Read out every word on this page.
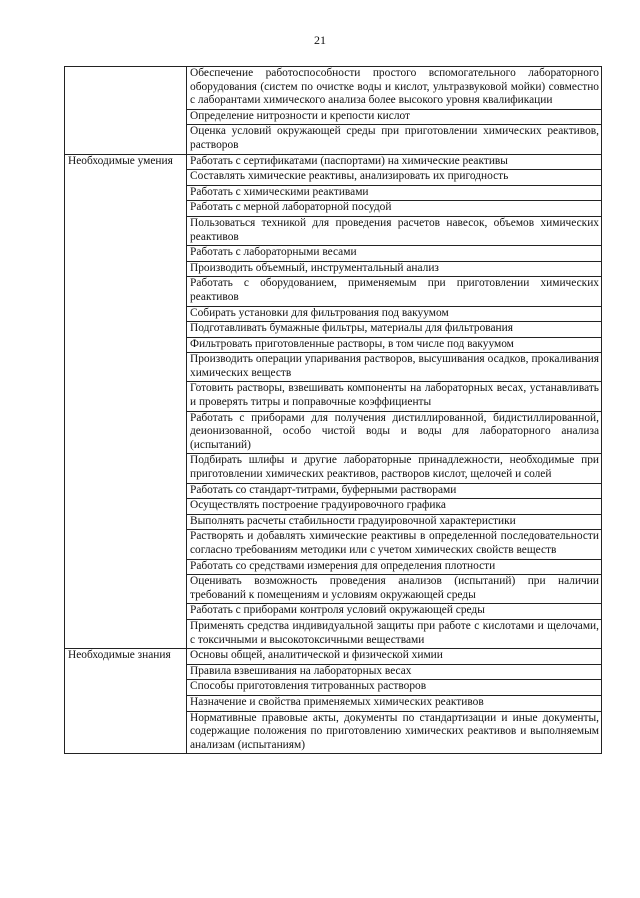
21
	Обеспечение работоспособности простого вспомогательного лабораторного оборудования (систем по очистке воды и кислот, ультразвуковой мойки) совместно с лаборантами химического анализа более высокого уровня квалификации
	Определение нитрозности и крепости кислот
	Оценка условий окружающей среды при приготовлении химических реактивов, растворов
Необходимые умения	Работать с сертификатами (паспортами) на химические реактивы
	Составлять химические реактивы, анализировать их пригодность
	Работать с химическими реактивами
	Работать с мерной лабораторной посудой
	Пользоваться техникой для проведения расчетов навесок, объемов химических реактивов
	Работать с лабораторными весами
	Производить объемный, инструментальный анализ
	Работать с оборудованием, применяемым при приготовлении химических реактивов
	Собирать установки для фильтрования под вакуумом
	Подготавливать бумажные фильтры, материалы для фильтрования
	Фильтровать приготовленные растворы, в том числе под вакуумом
	Производить операции упаривания растворов, высушивания осадков, прокаливания химических веществ
	Готовить растворы, взвешивать компоненты на лабораторных весах, устанавливать и проверять титры и поправочные коэффициенты
	Работать с приборами для получения дистиллированной, бидистиллированной, деионизованной, особо чистой воды и воды для лабораторного анализа (испытаний)
	Подбирать шлифы и другие лабораторные принадлежности, необходимые при приготовлении химических реактивов, растворов кислот, щелочей и солей
	Работать со стандарт-титрами, буферными растворами
	Осуществлять построение градуировочного графика
	Выполнять расчеты стабильности градуировочной характеристики
	Растворять и добавлять химические реактивы в определенной последовательности согласно требованиям методики или с учетом химических свойств веществ
	Работать со средствами измерения для определения плотности
	Оценивать возможность проведения анализов (испытаний) при наличии требований к помещениям и условиям окружающей среды
	Работать с приборами контроля условий окружающей среды
	Применять средства индивидуальной защиты при работе с кислотами и щелочами, с токсичными и высокотоксичными веществами
Необходимые знания	Основы общей, аналитической и физической химии
	Правила взвешивания на лабораторных весах
	Способы приготовления титрованных растворов
	Назначение и свойства применяемых химических реактивов
	Нормативные правовые акты, документы по стандартизации и иные документы, содержащие положения по приготовлению химических реактивов и выполняемым анализам (испытаниям)
